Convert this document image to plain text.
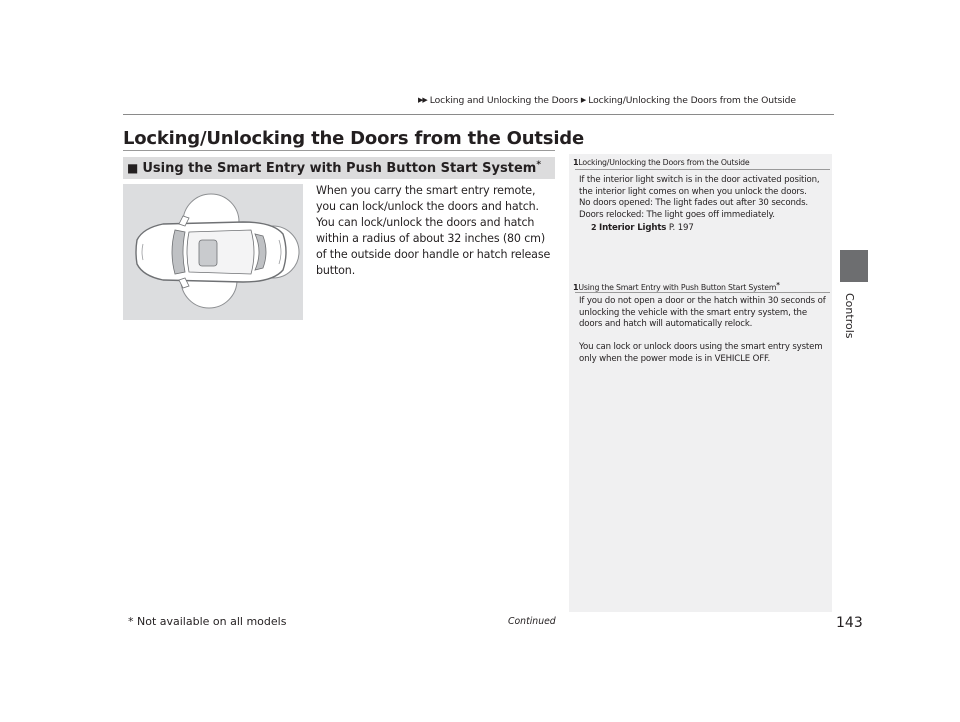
▶▶ Locking and Unlocking the Doors ▶ Locking/Unlocking the Doors from the Outside
Controls
Locking/Unlocking the Doors from the Outside
■ Using the Smart Entry with Push Button Start System*
When you carry the smart entry remote, you can lock/unlock the doors and hatch.
You can lock/unlock the doors and hatch within a radius of about 32 inches (80 cm) of the outside door handle or hatch release button.
1Locking/Unlocking the Doors from the Outside
If the interior light switch is in the door activated position, the interior light comes on when you unlock the doors.
No doors opened: The light fades out after 30 seconds.
Doors relocked: The light goes off immediately.
2 Interior Lights P. 197
1Using the Smart Entry with Push Button Start System*
If you do not open a door or the hatch within 30 seconds of unlocking the vehicle with the smart entry system, the doors and hatch will automatically relock.
You can lock or unlock doors using the smart entry system only when the power mode is in VEHICLE OFF.
* Not available on all models	Continued	143
